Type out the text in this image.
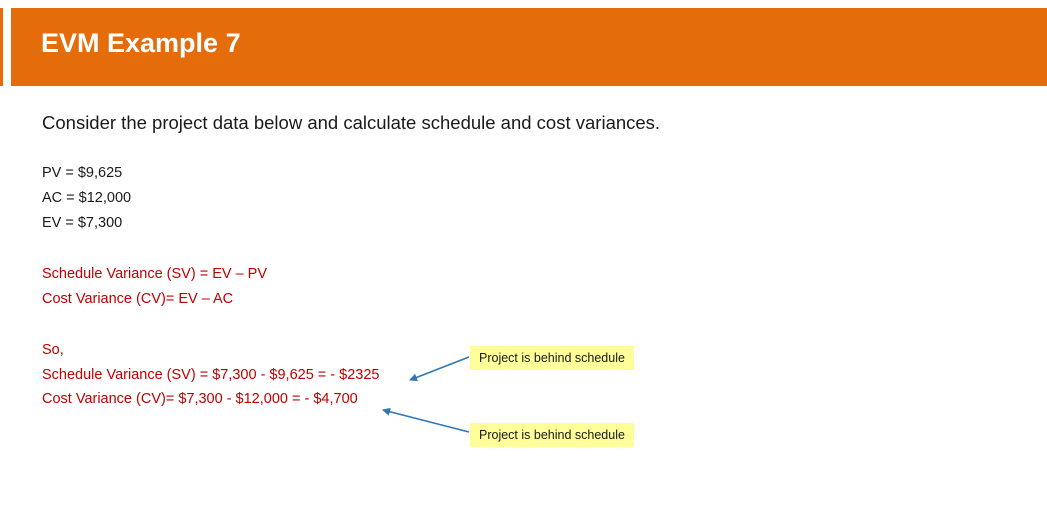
EVM Example 7
Consider the project data below and calculate schedule and cost variances.
PV = $9,625
AC = $12,000
EV = $7,300
Schedule Variance (SV) = EV – PV
Cost Variance (CV)= EV – AC
So,
Schedule Variance (SV) = $7,300 - $9,625 = - $2325
Cost Variance (CV)= $7,300 - $12,000 = - $4,700
Project is behind schedule
Project is behind schedule
